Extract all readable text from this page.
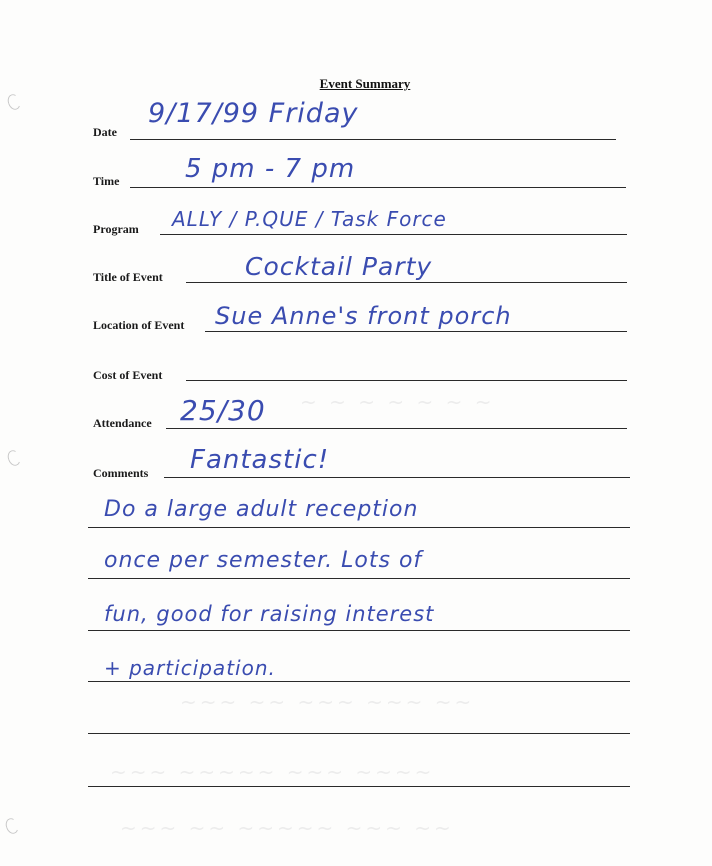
~ ~ ~ ~ ~ ~ ~
~~~ ~~ ~~~ ~~~ ~~
~~~ ~~~~~ ~~~ ~~~~
~~~ ~~ ~~~~~ ~~~ ~~
Event Summary
Date
9/17/99 Friday
Time	5 pm - 7 pm
Program ALLY / P.QUE / Task Force
Title of Event	Cocktail Party
Location of Event Sue Anne's front porch
Cost of Event
Attendance 25/30
Comments Fantastic!
Do a large adult reception
once per semester. Lots of
fun, good for raising interest
+ participation.
